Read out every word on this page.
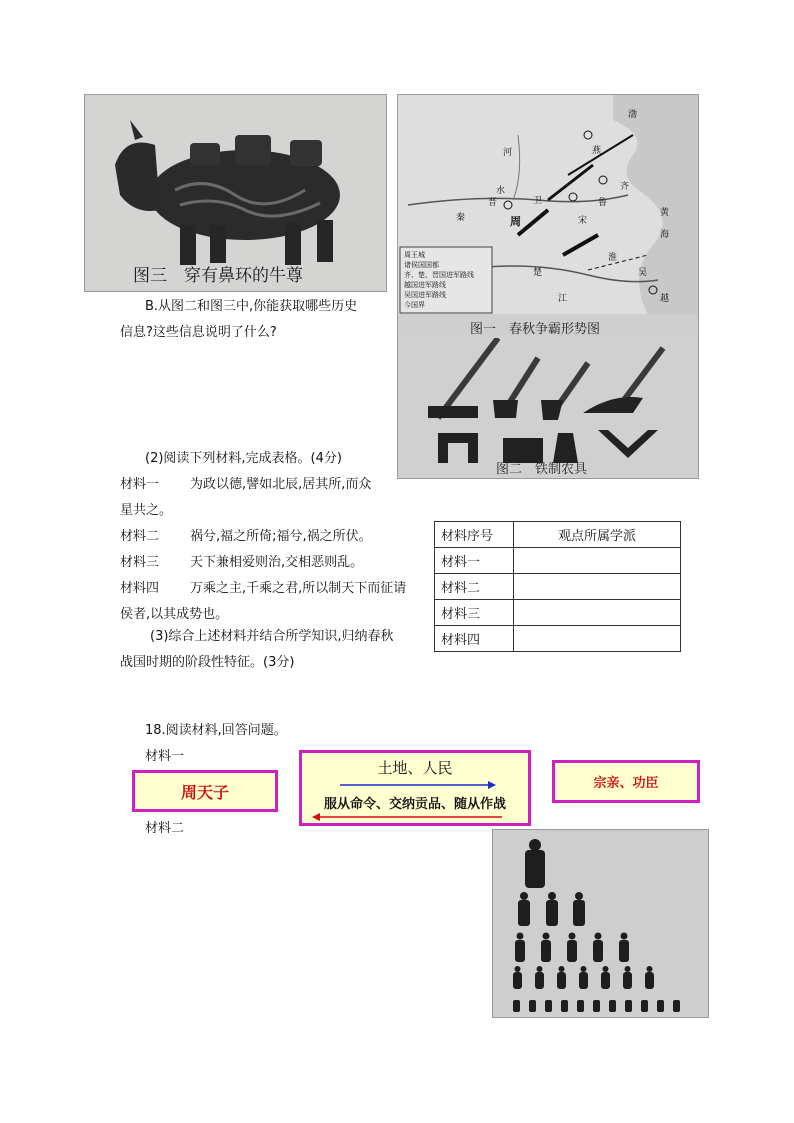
图三　穿有鼻环的牛尊
周王城
诸侯国国都
齐、楚、晋国进军路线
越国进军路线
吴国进军路线
今国界
燕
齐
鲁
宋
卫
晋
周
秦
楚	吴
越
渤
黄
海
河
水
江
淮
图一　春秋争霸形势图
图二　铁制农具
B.从图二和图三中,你能获取哪些历史
信息?这些信息说明了什么?
(2)阅读下列材料,完成表格。(4分)
材料一 为政以德,譬如北辰,居其所,而众
星共之。
材料二 祸兮,福之所倚;福兮,祸之所伏。
材料三 天下兼相爱则治,交相恶则乱。
材料四 万乘之主,千乘之君,所以制天下而征请
侯者,以其成势也。
材料序号	观点所属学派
材料一	
材料二	
材料三	
材料四	
(3)综合上述材料并结合所学知识,归纳春秋
战国时期的阶段性特征。(3分)
18.阅读材料,回答问题。
材料一
周天子
土地、人民
服从命令、交纳贡品、随从作战
宗亲、功臣
材料二
